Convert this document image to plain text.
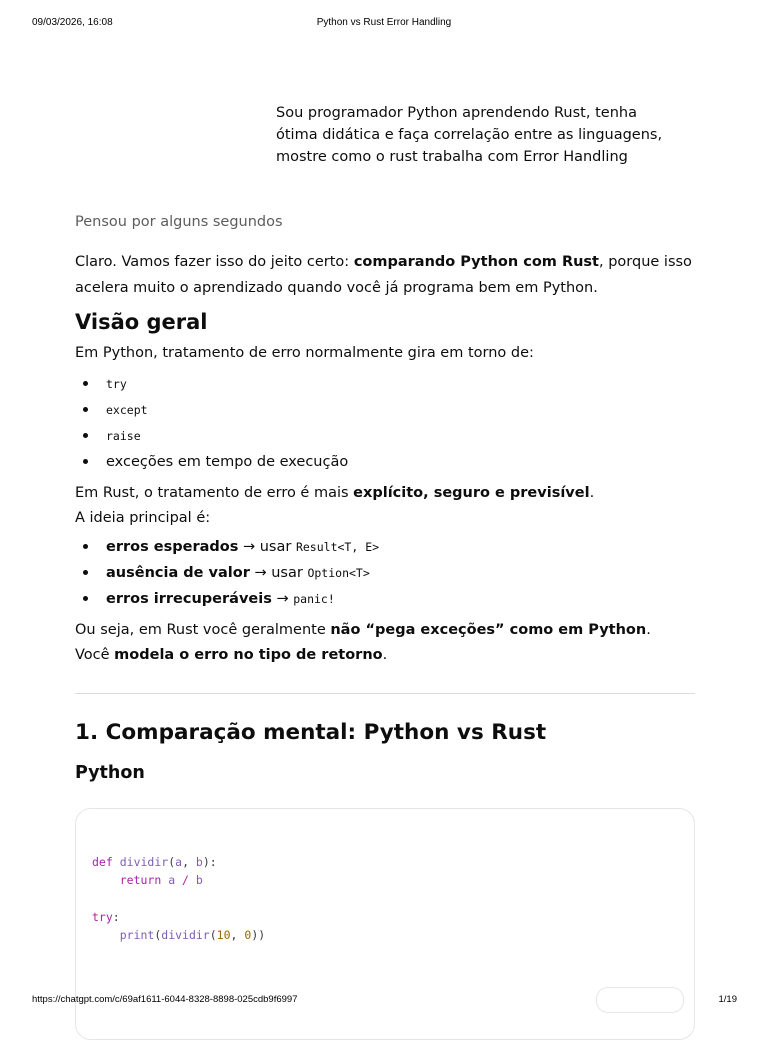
09/03/2026, 16:08	Python vs Rust Error Handling
Sou programador Python aprendendo Rust, tenha ótima didática e faça correlação entre as linguagens, mostre como o rust trabalha com Error Handling
Pensou por alguns segundos

Claro. Vamos fazer isso do jeito certo: comparando Python com Rust, porque isso acelera muito o aprendizado quando você já programa bem em Python.

Visão geral

Em Python, tratamento de erro normalmente gira em torno de:

try
except
raise
exceções em tempo de execução

Em Rust, o tratamento de erro é mais explícito, seguro e previsível.

A ideia principal é:

erros esperados → usar Result<T, E>
ausência de valor → usar Option<T>
erros irrecuperáveis → panic!

Ou seja, em Rust você geralmente não “pega exceções” como em Python.

Você modela o erro no tipo de retorno.

1. Comparação mental: Python vs Rust
Python
def dividir(a, b):
return a / b

try:
print(dividir(10, 0))
https://chatgpt.com/c/69af1611-6044-8328-8898-025cdb9f6997	1/19
